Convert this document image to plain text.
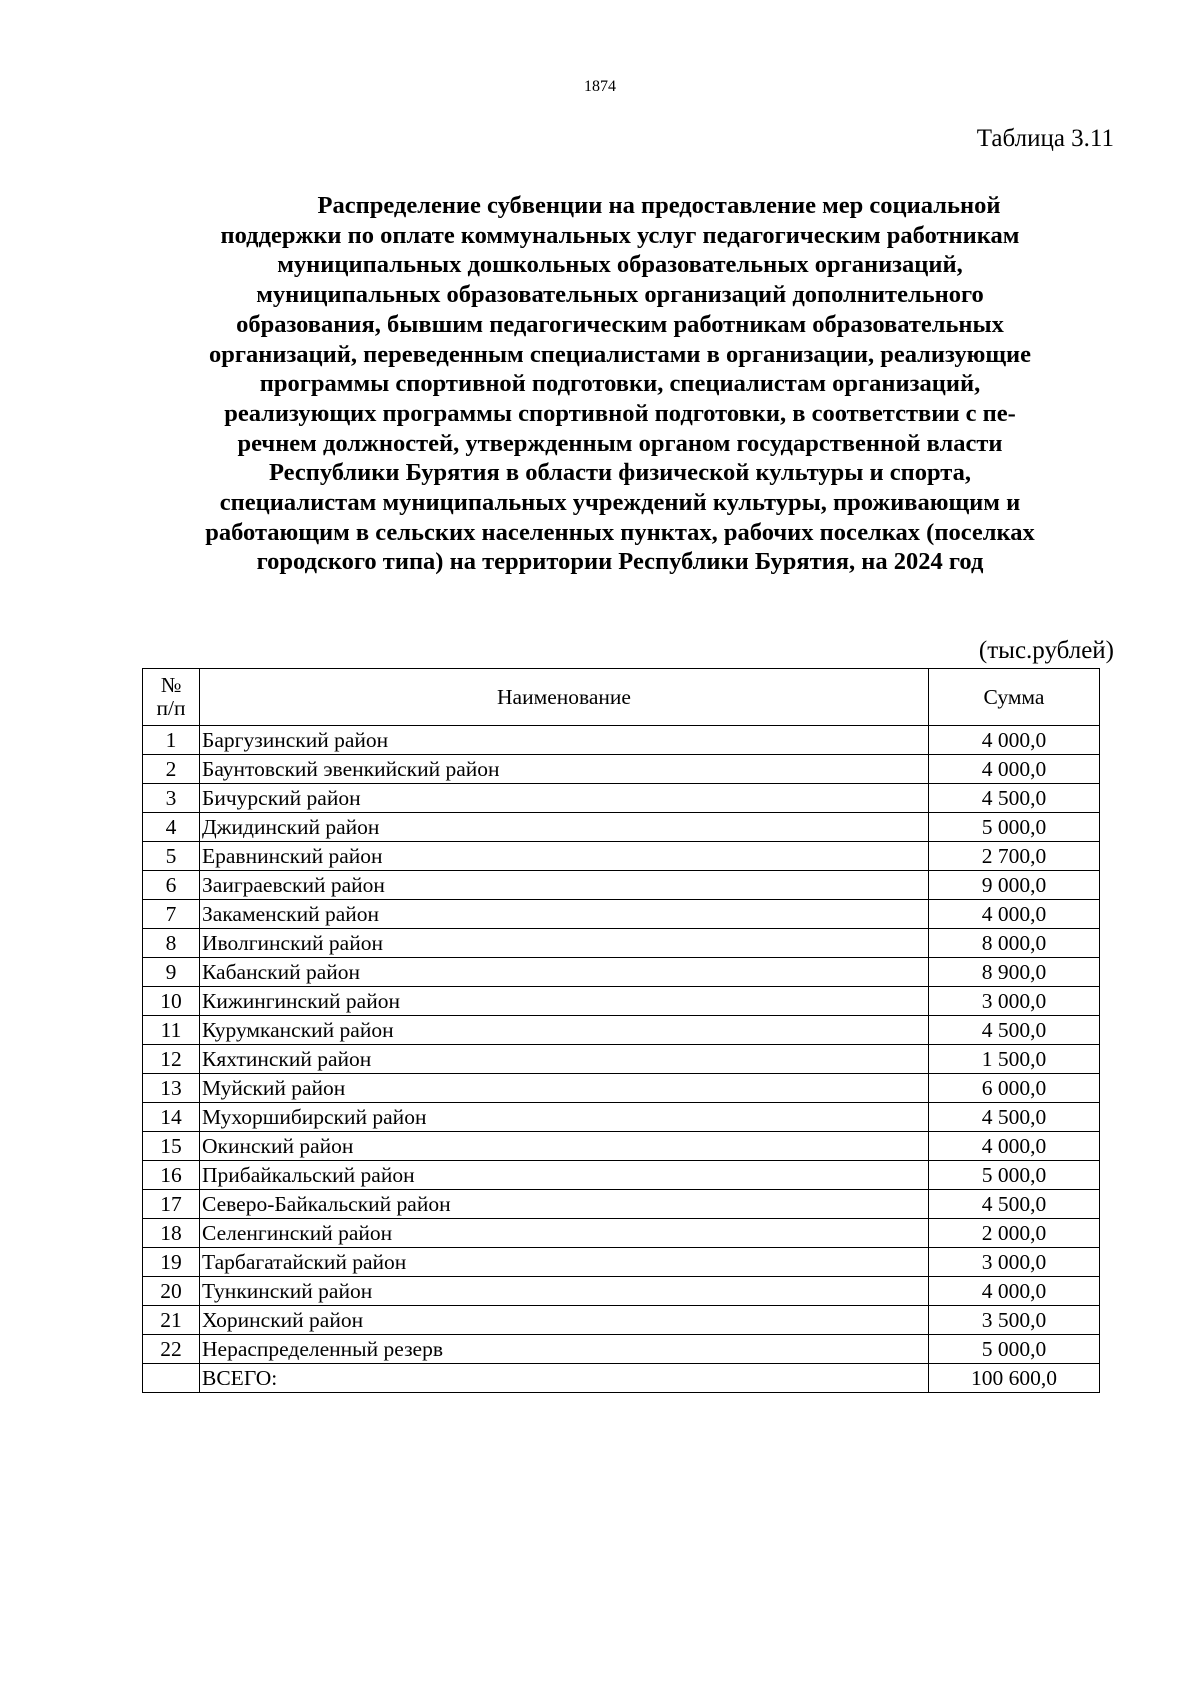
1874
Таблица 3.11
Распределение субвенции на предоставление мер социальной
поддержки по оплате коммунальных услуг педагогическим работникам
муниципальных дошкольных образовательных организаций,
муниципальных образовательных организаций дополнительного
образования, бывшим педагогическим работникам образовательных
организаций, переведенным специалистами в организации, реализующие
программы спортивной подготовки, специалистам организаций,
реализующих программы спортивной подготовки, в соответствии с пе-
речнем должностей, утвержденным органом государственной власти
Республики Бурятия в области физической культуры и спорта,
специалистам муниципальных учреждений культуры, проживающим и
работающим в сельских населенных пунктах, рабочих поселках (поселках
городского типа) на территории Республики Бурятия, на 2024 год
(тыс.рублей)
№
п/п	Наименование	Сумма
1	Баргузинский район	4 000,0
2	Баунтовский эвенкийский район	4 000,0
3	Бичурский район	4 500,0
4	Джидинский район	5 000,0
5	Еравнинский район	2 700,0
6	Заиграевский район	9 000,0
7	Закаменский район	4 000,0
8	Иволгинский район	8 000,0
9	Кабанский район	8 900,0
10	Кижингинский район	3 000,0
11	Курумканский район	4 500,0
12	Кяхтинский район	1 500,0
13	Муйский район	6 000,0
14	Мухоршибирский район	4 500,0
15	Окинский район	4 000,0
16	Прибайкальский район	5 000,0
17	Северо-Байкальский район	4 500,0
18	Селенгинский район	2 000,0
19	Тарбагатайский район	3 000,0
20	Тункинский район	4 000,0
21	Хоринский район	3 500,0
22	Нераспределенный резерв	5 000,0
	ВСЕГО:	100 600,0
